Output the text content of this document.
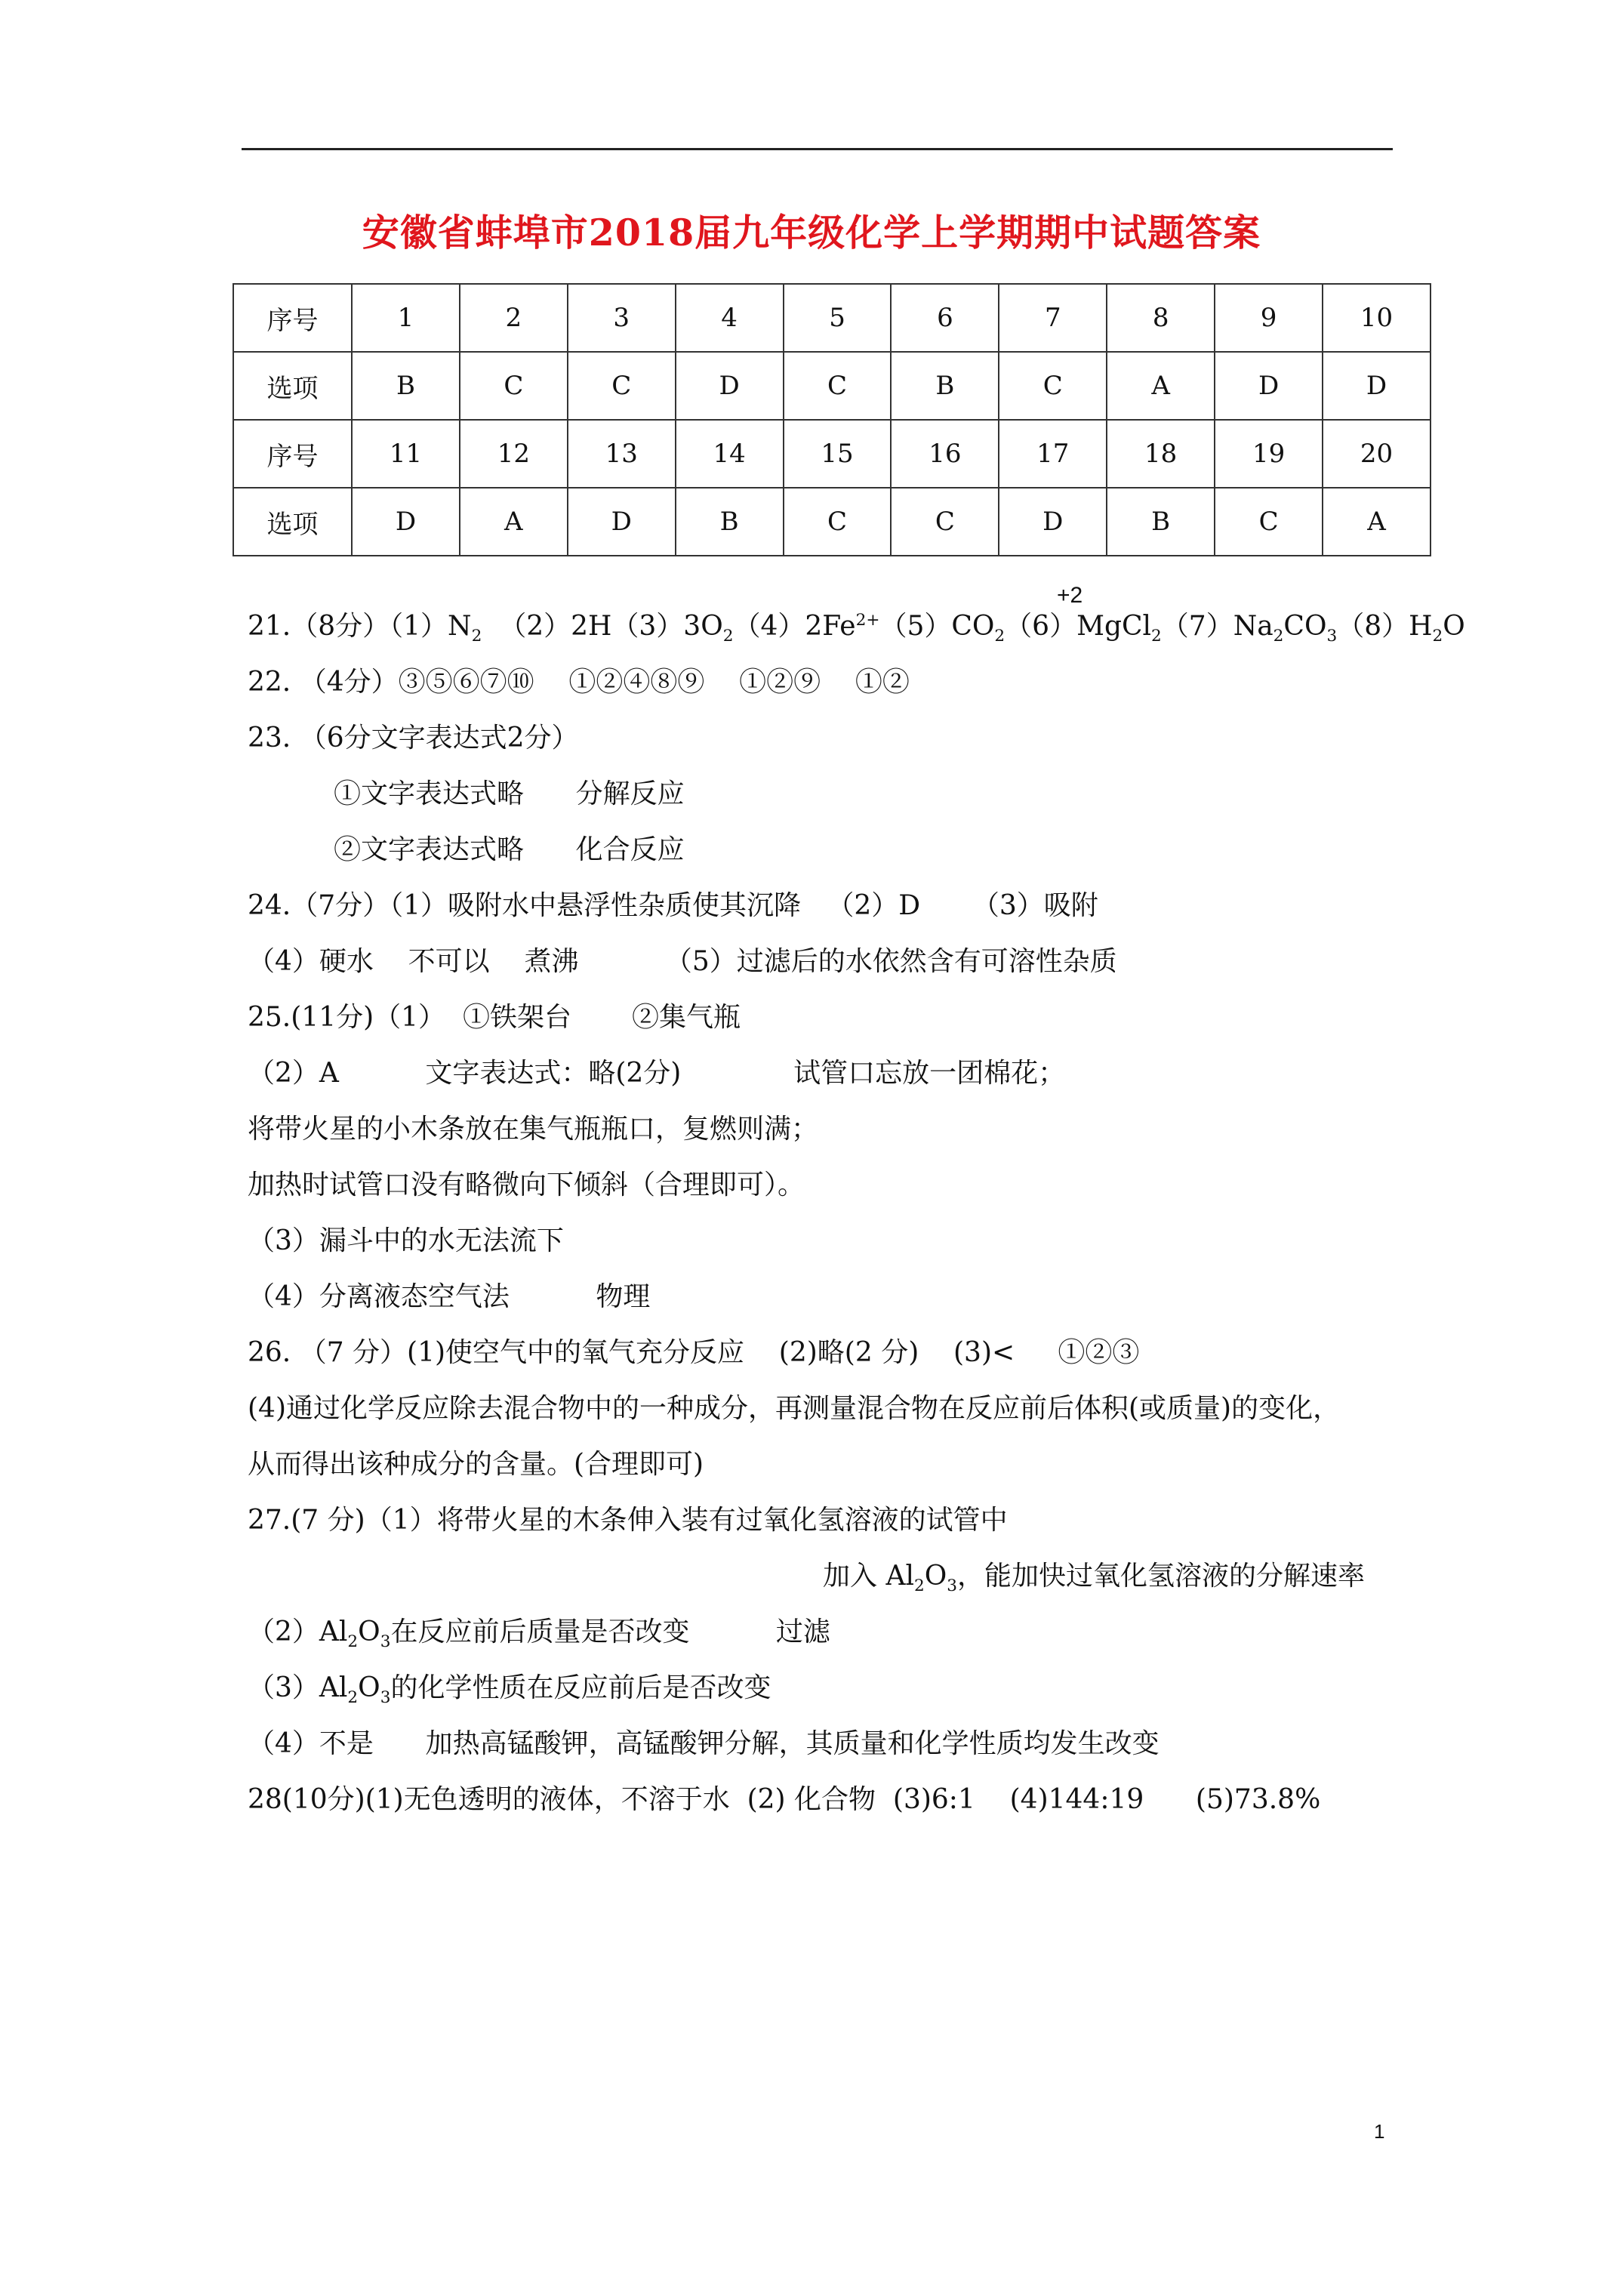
安徽省蚌埠市2018届九年级化学上学期期中试题答案
序号	1	2	3	4	5	6	7	8	9	10
选项	B	C	C	D	C	B	C	A	D	D
序号	11	12	13	14	15	16	17	18	19	20
选项	D	A	D	B	C	C	D	B	C	A
+2
21.（8分）$(1)N_2$  $(2)2H(3)3O_2(4)2Fe^{2+}(5)CO_2(6)MgCl_2(7)Na_2CO_3(8)H_2O$
22. （4分）③⑤⑥⑦⑩    ①②④⑧⑨    ①②⑨    ①②
23. （6分文字表达式2分）
①文字表达式略      分解反应
②文字表达式略      化合反应
24.（7分）（1）吸附水中悬浮性杂质使其沉降   （2）D      （3）吸附
（4）硬水    不可以    煮沸          （5）过滤后的水依然含有可溶性杂质
25.(11分)（1）  ①铁架台       ②集气瓶
（2）A          文字表达式：略(2分)             试管口忘放一团棉花；
将带火星的小木条放在集气瓶瓶口，复燃则满；
加热时试管口没有略微向下倾斜（合理即可）。
（3）漏斗中的水无法流下
（4）分离液态空气法          物理
26. （7 分）(1)使空气中的氧气充分反应    (2)略(2 分)    (3)<     ①②③
(4)通过化学反应除去混合物中的一种成分，再测量混合物在反应前后体积(或质量)的变化，
从而得出该种成分的含量。(合理即可)
27.(7 分)（1）将带火星的木条伸入装有过氧化氢溶液的试管中
加入 $Al_2O_3$，能加快过氧化氢溶液的分解速率
$(2)Al_2O_3$在反应前后质量是否改变          过滤
$(3)Al_2O_3$的化学性质在反应前后是否改变
（4）不是      加热高锰酸钾，高锰酸钾分解，其质量和化学性质均发生改变
28(10分)(1)无色透明的液体，不溶于水  (2) 化合物  (3)6:1    (4)144:19      (5)73.8%
1
